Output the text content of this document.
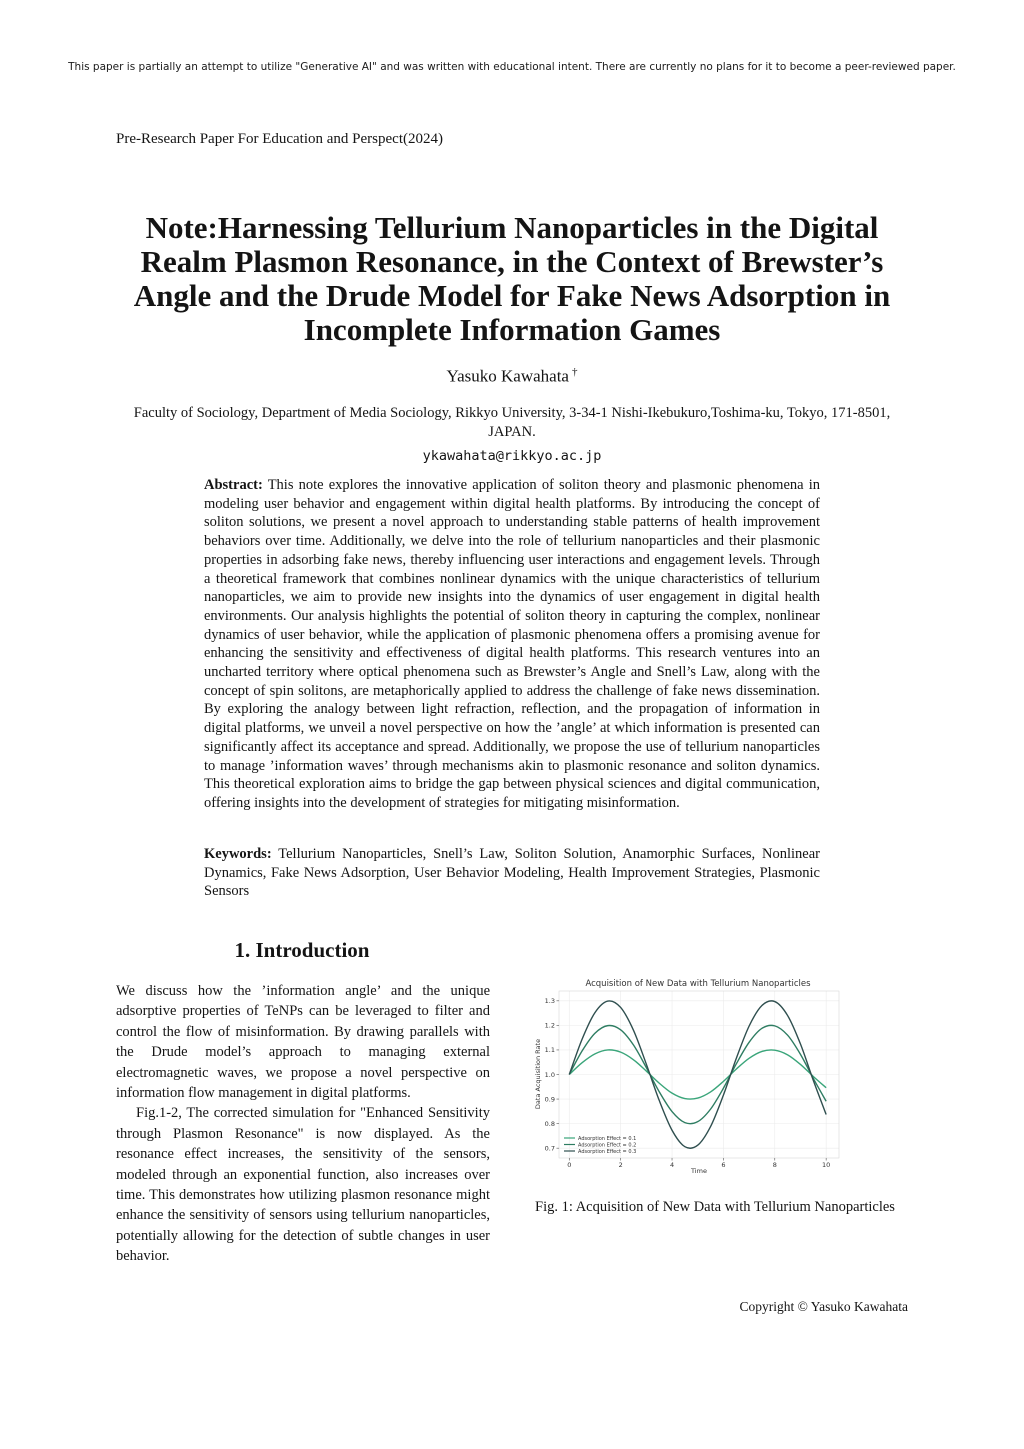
This paper is partially an attempt to utilize "Generative AI" and was written with educational intent. There are currently no plans for it to become a peer-reviewed paper.
Pre-Research Paper For Education and Perspect(2024)
Note:Harnessing Tellurium Nanoparticles in the Digital Realm Plasmon Resonance, in the Context of Brewster’s Angle and the Drude Model for Fake News Adsorption in Incomplete Information Games
Yasuko Kawahata †
Faculty of Sociology, Department of Media Sociology, Rikkyo University, 3-34-1 Nishi-Ikebukuro,Toshima-ku, Tokyo, 171-8501, JAPAN.
ykawahata@rikkyo.ac.jp

Abstract: This note explores the innovative application of soliton theory and plasmonic phenomena in modeling user behavior and engagement within digital health platforms. By introducing the concept of soliton solutions, we present a novel approach to understanding stable patterns of health improvement behaviors over time. Additionally, we delve into the role of tellurium nanoparticles and their plasmonic properties in adsorbing fake news, thereby influencing user interactions and engagement levels. Through a theoretical framework that combines nonlinear dynamics with the unique characteristics of tellurium nanoparticles, we aim to provide new insights into the dynamics of user engagement in digital health environments. Our analysis highlights the potential of soliton theory in capturing the complex, nonlinear dynamics of user behavior, while the application of plasmonic phenomena offers a promising avenue for enhancing the sensitivity and effectiveness of digital health platforms. This research ventures into an uncharted territory where optical phenomena such as Brewster’s Angle and Snell’s Law, along with the concept of spin solitons, are metaphorically applied to address the challenge of fake news dissemination. By exploring the analogy between light refraction, reflection, and the propagation of information in digital platforms, we unveil a novel perspective on how the ’angle’ at which information is presented can significantly affect its acceptance and spread. Additionally, we propose the use of tellurium nanoparticles to manage ’information waves’ through mechanisms akin to plasmonic resonance and soliton dynamics. This theoretical exploration aims to bridge the gap between physical sciences and digital communication, offering insights into the development of strategies for mitigating misinformation.

Keywords: Tellurium Nanoparticles, Snell’s Law, Soliton Solution, Anamorphic Surfaces, Nonlinear Dynamics, Fake News Adsorption, User Behavior Modeling, Health Improvement Strategies, Plasmonic Sensors

1. Introduction

We discuss how the ’information angle’ and the unique adsorptive properties of TeNPs can be leveraged to filter and control the flow of misinformation. By drawing parallels with the Drude model’s approach to managing external electromagnetic waves, we propose a novel perspective on information flow management in digital platforms.

Fig.1-2, The corrected simulation for "Enhanced Sensitivity through Plasmon Resonance" is now displayed. As the resonance effect increases, the sensitivity of the sensors, modeled through an exponential function, also increases over time. This demonstrates how utilizing plasmon resonance might enhance the sensitivity of sensors using tellurium nanoparticles, potentially allowing for the detection of subtle changes in user behavior.

Acquisition of New Data with Tellurium Nanoparticles
0	2	4	6	8	10
0.7
0.8
0.9
1.0
1.1
1.2
1.3
Adsorption Effect = 0.1
Adsorption Effect = 0.2
Adsorption Effect = 0.3
Time
Data Acquisition Rate
Fig. 1: Acquisition of New Data with Tellurium Nanoparticles
Copyright © Yasuko Kawahata
